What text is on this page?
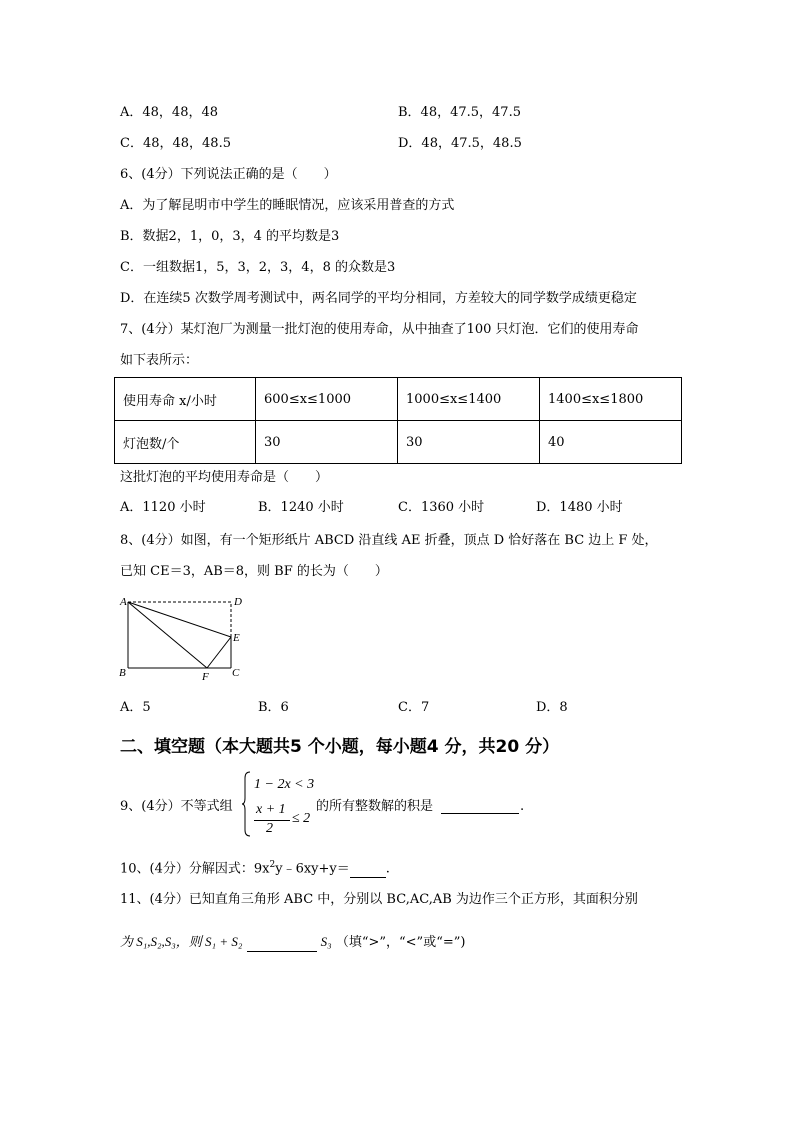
A．48，48，48	B．48，47.5，47.5
C．48，48，48.5	D．48，47.5，48.5
6、(4分）下列说法正确的是（　　）
A．为了解昆明市中学生的睡眠情况，应该采用普查的方式
B．数据2，1，0，3，4 的平均数是3
C．一组数据1，5，3，2，3，4，8 的众数是3
D．在连续5 次数学周考测试中，两名同学的平均分相同，方差较大的同学数学成绩更稳定
7、(4分）某灯泡厂为测量一批灯泡的使用寿命，从中抽查了100 只灯泡．它们的使用寿命
如下表所示：
使用寿命 x/小时	600≤x≤1000	1000≤x≤1400	1400≤x≤1800
灯泡数/个	30	30	40
这批灯泡的平均使用寿命是（　　）
A．1120 小时	B．1240 小时	C．1360 小时	D．1480 小时
8、(4分）如图，有一个矩形纸片 ABCD 沿直线 AE 折叠，顶点 D 恰好落在 BC 边上 F 处，
已知 CE＝3，AB＝8，则 BF 的长为（　　）
A	D
E
B	F C
A．5	B．6	C．7	D．8
二、填空题（本大题共5 个小题，每小题4 分，共20 分）
9、(4分）不等式组
1 − 2x < 3
x + 1
2
≤ 2
的所有整数解的积是	.
10、(4分）分解因式：$9x^2y﹣6xy+y=$	.
11、(4分）已知直角三角形 ABC 中，分别以 BC,AC,AB 为边作三个正方形，其面积分别
为 S₁,S₂,S₃，则 S₁ + S₂	S₃ （填“>”，“<”或“=”)
